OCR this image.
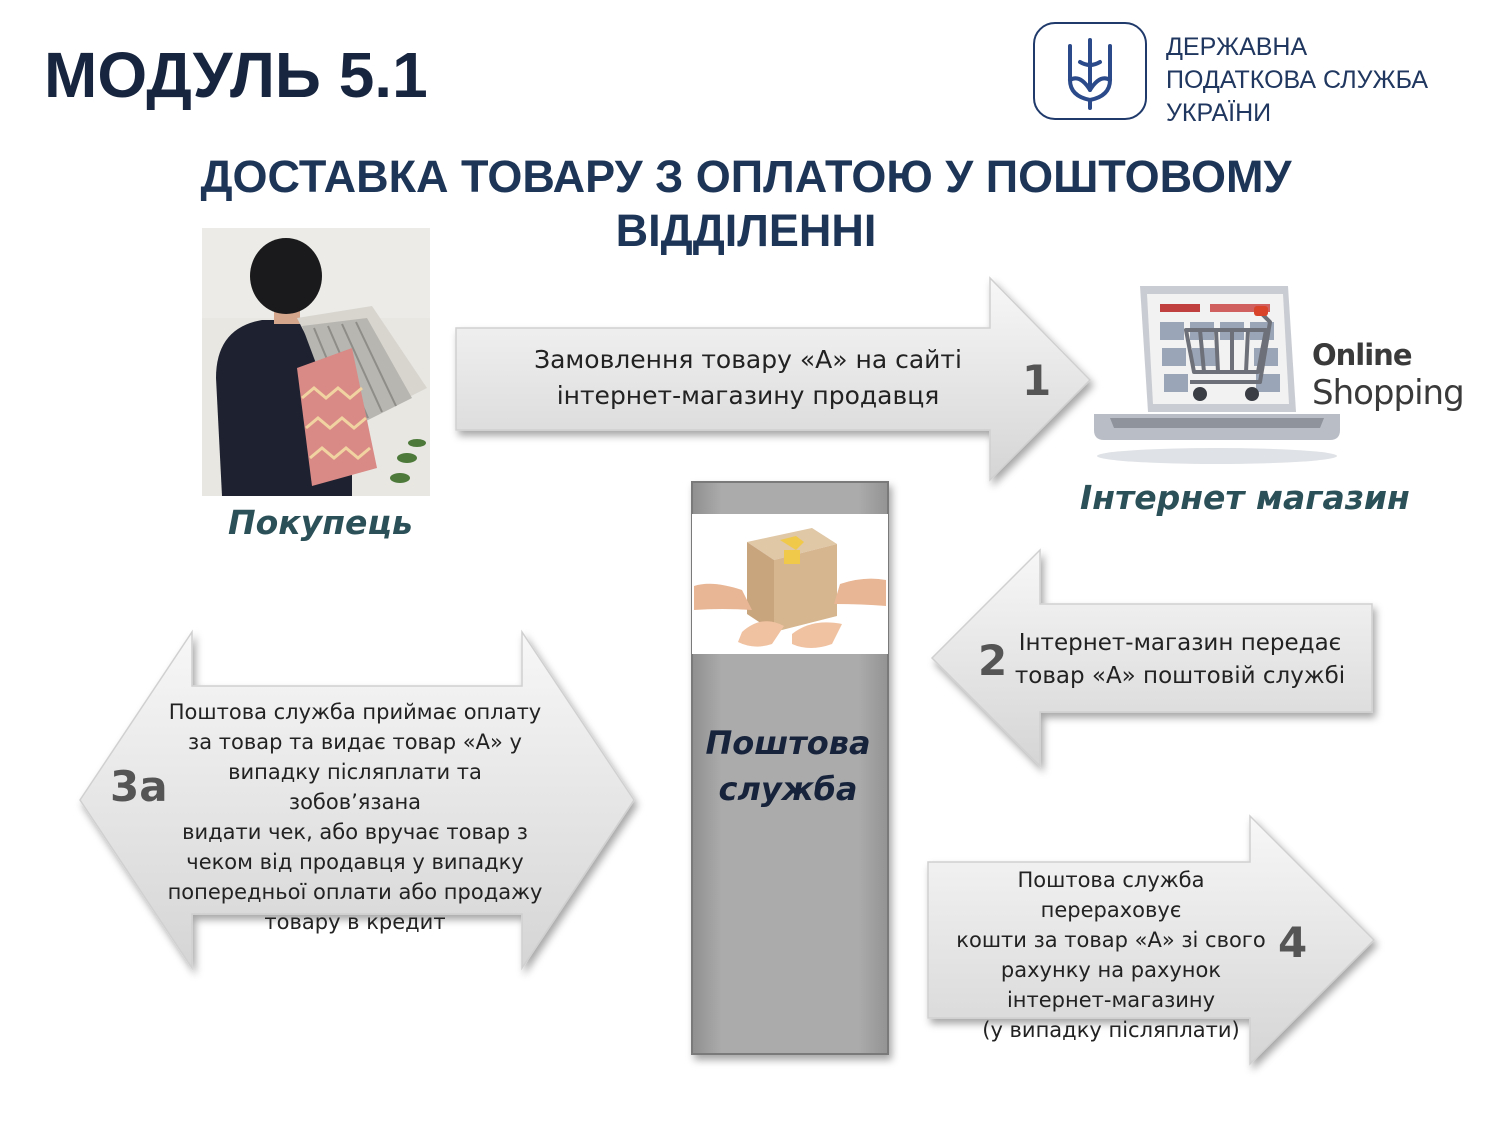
МОДУЛЬ 5.1	ДЕРЖАВНА
ПОДАТКОВА СЛУЖБА
УКРАЇНИ
ДОСТАВКА ТОВАРУ З ОПЛАТОЮ У ПОШТОВОМУ
ВІДДІЛЕННІ
Покупець
Online
Shopping
Інтернет магазин
Поштова
служба
Замовлення товару «А» на сайті
інтернет-магазину продавця	1
Інтернет-магазин передає
товар «А» поштовій службі
2
Поштова служба приймає оплату
за товар та видає товар «А» у
випадку післяплати та зобов’язана
видати чек, або вручає товар з
чеком від продавця у випадку
попередньої оплати або продажу
товару в кредит
3а
Поштова служба перераховує
кошти за товар «А» зі свого
рахунку на рахунок
інтернет-магазину
(у випадку післяплати)
4
